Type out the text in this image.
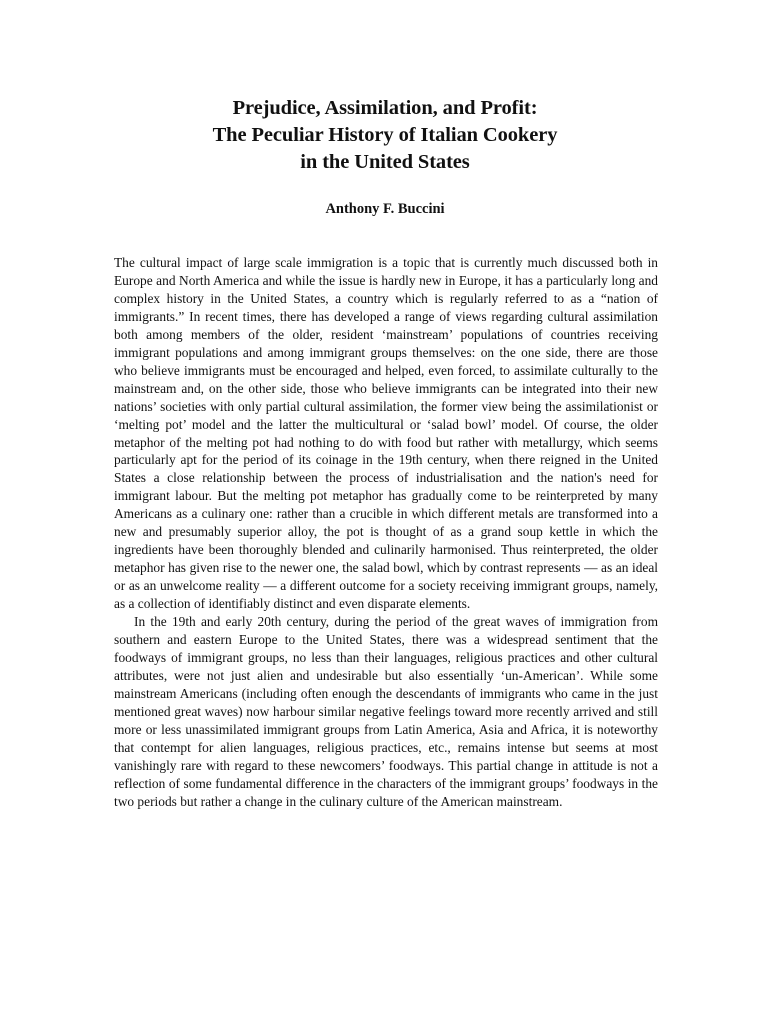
Prejudice, Assimilation, and Profit:
The Peculiar History of Italian Cookery
in the United States
Anthony F. Buccini

The cultural impact of large scale immigration is a topic that is currently much discussed both in Europe and North America and while the issue is hardly new in Europe, it has a particularly long and complex history in the United States, a country which is regularly referred to as a “nation of immigrants.” In recent times, there has developed a range of views regarding cultural assimilation both among members of the older, resident ‘mainstream’ populations of countries receiving immigrant populations and among immigrant groups themselves: on the one side, there are those who believe immigrants must be encouraged and helped, even forced, to assimilate culturally to the mainstream and, on the other side, those who believe immigrants can be integrated into their new nations’ societies with only partial cultural assimilation, the former view being the assimilationist or ‘melting pot’ model and the latter the multicultural or ‘salad bowl’ model. Of course, the older metaphor of the melting pot had nothing to do with food but rather with metallurgy, which seems particularly apt for the period of its coinage in the 19th century, when there reigned in the United States a close relationship between the process of industrialisation and the nation's need for immigrant labour. But the melting pot metaphor has gradually come to be reinterpreted by many Americans as a culinary one: rather than a crucible in which different metals are transformed into a new and presumably superior alloy, the pot is thought of as a grand soup kettle in which the ingredients have been thoroughly blended and culinarily harmonised. Thus reinterpreted, the older metaphor has given rise to the newer one, the salad bowl, which by contrast represents — as an ideal or as an unwelcome reality — a different outcome for a society receiving immigrant groups, namely, as a collection of identifiably distinct and even disparate elements.

In the 19th and early 20th century, during the period of the great waves of immigration from southern and eastern Europe to the United States, there was a widespread sentiment that the foodways of immigrant groups, no less than their languages, religious practices and other cultural attributes, were not just alien and undesirable but also essentially ‘un-American’. While some mainstream Americans (including often enough the descendants of immigrants who came in the just mentioned great waves) now harbour similar negative feelings toward more recently arrived and still more or less unassimilated immigrant groups from Latin America, Asia and Africa, it is noteworthy that contempt for alien languages, religious practices, etc., remains intense but seems at most vanishingly rare with regard to these newcomers’ foodways. This partial change in attitude is not a reflection of some fundamental difference in the characters of the immigrant groups’ foodways in the two periods but rather a change in the culinary culture of the American mainstream.
